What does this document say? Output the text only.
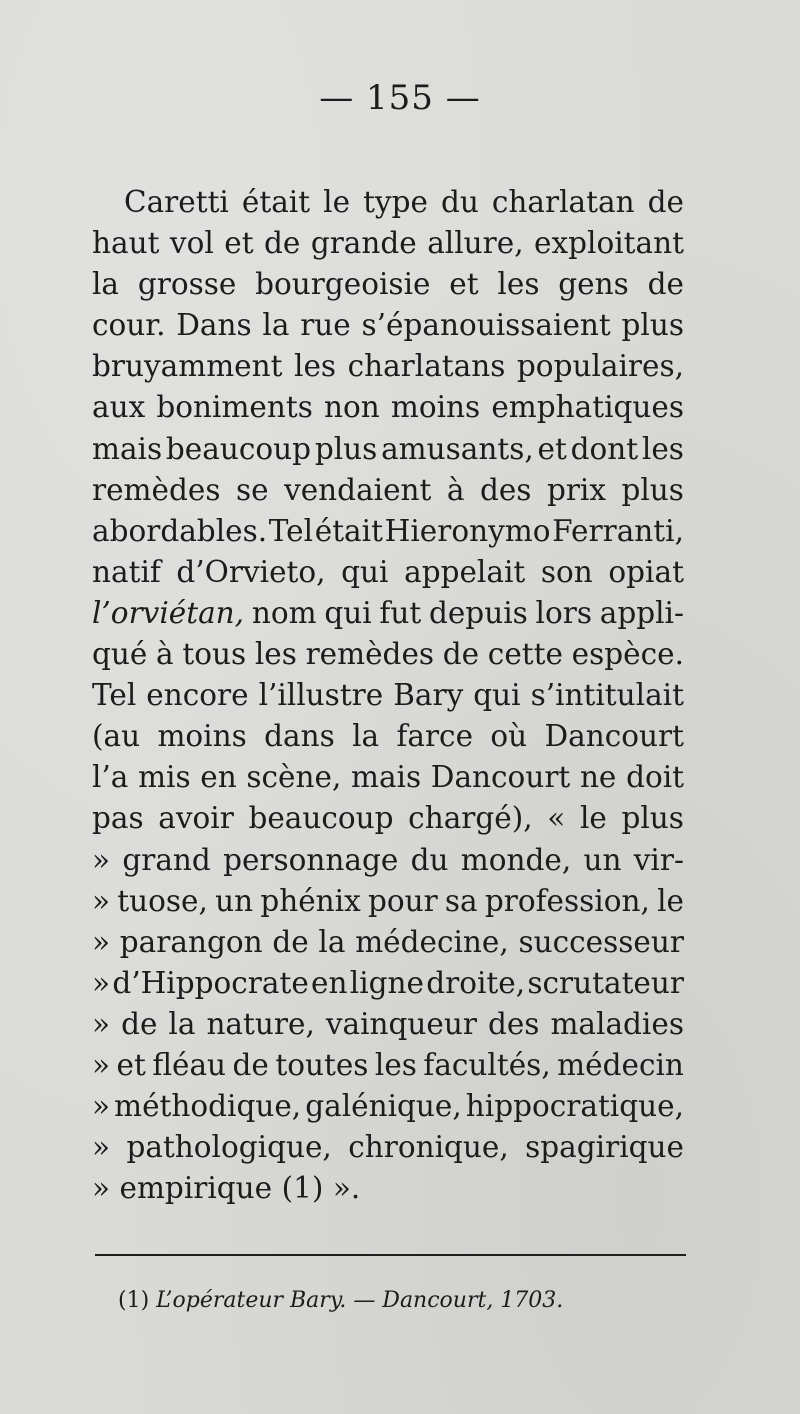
— 155 —
Caretti était le type du charlatan de
haut vol et de grande allure, exploitant
la grosse bourgeoisie et les gens de
cour. Dans la rue s’épanouissaient plus
bruyamment les charlatans populaires,
aux boniments non moins emphatiques
mais beaucoup plus amusants, et dont les
remèdes se vendaient à des prix plus
abordables. Tel était Hieronymo Ferranti,
natif d’Orvieto, qui appelait son opiat
l’orviétan, nom qui fut depuis lors appli-
qué à tous les remèdes de cette espèce.
Tel encore l’illustre Bary qui s’intitulait
(au moins dans la farce où Dancourt
l’a mis en scène, mais Dancourt ne doit
pas avoir beaucoup chargé), « le plus
» grand personnage du monde, un vir-
» tuose, un phénix pour sa profession, le
» parangon de la médecine, successeur
» d’Hippocrate en ligne droite, scrutateur
» de la nature, vainqueur des maladies
» et fléau de toutes les facultés, médecin
» méthodique, galénique, hippocratique,
» pathologique, chronique, spagirique
» empirique (1) ».
(1) L’opérateur Bary. — Dancourt, 1703.
